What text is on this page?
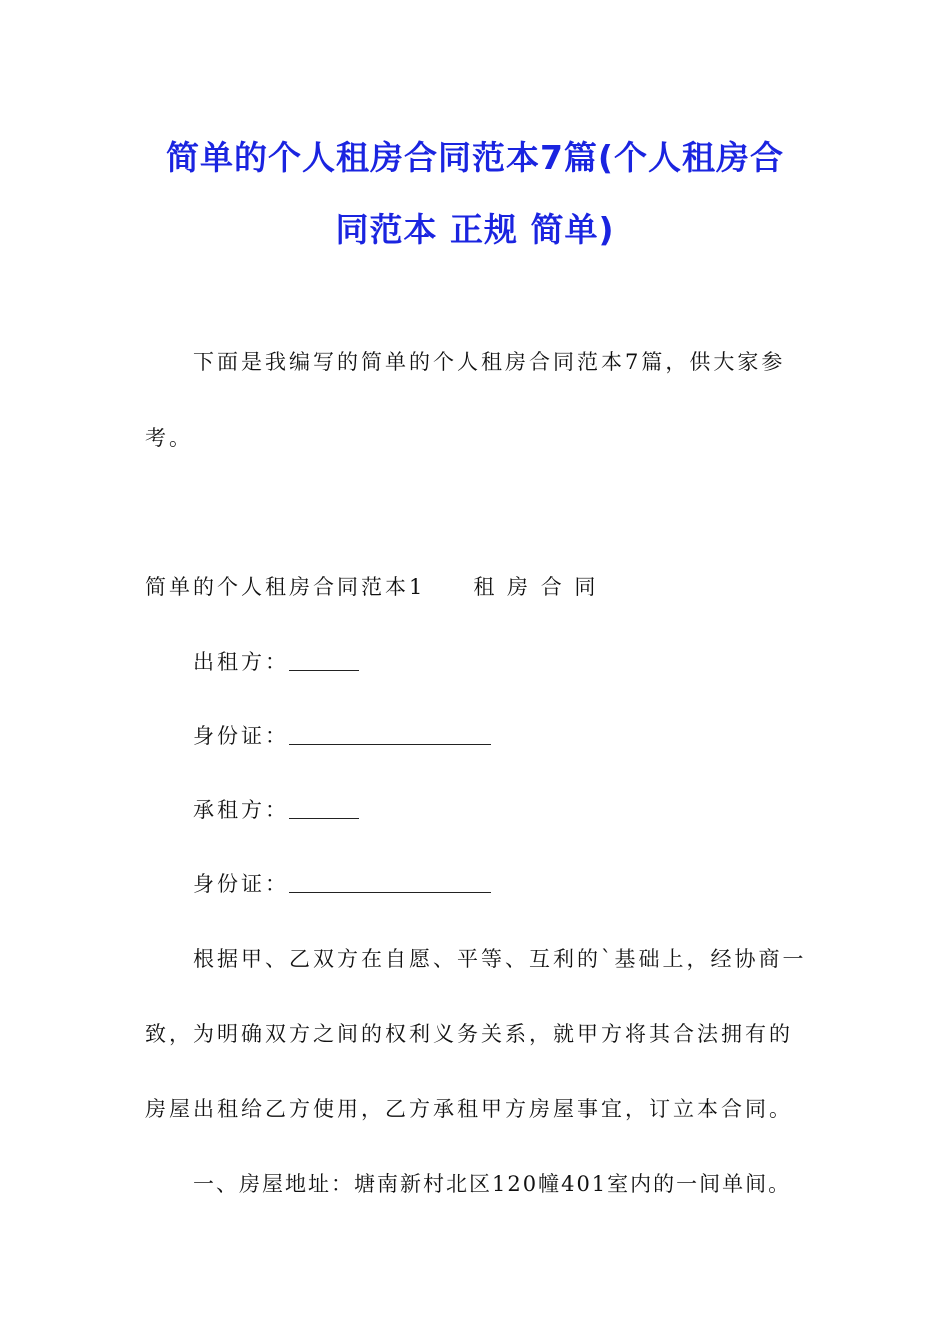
简单的个人租房合同范本7篇(个人租房合
同范本 正规 简单)

下面是我编写的简单的个人租房合同范本7篇，供大家参

考。

简单的个人租房合同范本1 租 房 合 同

出租方：

身份证：

承租方：

身份证：

根据甲、乙双方在自愿、平等、互利的`基础上，经协商一

致，为明确双方之间的权利义务关系，就甲方将其合法拥有的

房屋出租给乙方使用，乙方承租甲方房屋事宜，订立本合同。

一、房屋地址：塘南新村北区120幢401室内的一间单间。
